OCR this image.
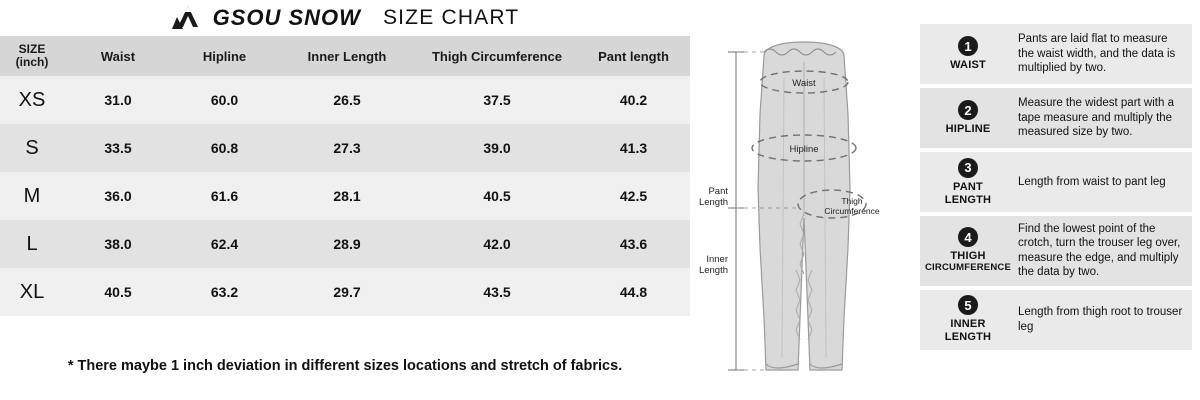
GSOU SNOW SIZE CHART
SIZE
(inch)	Waist	Hipline	Inner Length	Thigh Circumference	Pant length
XS	31.0	60.0	26.5	37.5	40.2
S	33.5	60.8	27.3	39.0	41.3
M	36.0	61.6	28.1	40.5	42.5
L	38.0	62.4	28.9	42.0	43.6
XL	40.5	63.2	29.7	43.5	44.8
* There maybe 1 inch deviation in different sizes locations and stretch of fabrics.
Pant
Length
Inner
Length
Waist
Hipline
Thigh
Circumference
1
WAIST
Pants are laid flat to measure the waist width, and the data is multiplied by two.
2
HIPLINE
Measure the widest part with a tape measure and multiply the measured size by two.
3
PANT
LENGTH
Length from waist to pant leg
4
THIGH
CIRCUMFERENCE
Find the lowest point of the crotch, turn the trouser leg over, measure the edge, and multiply the data by two.
5
INNER
LENGTH
Length from thigh root to trouser leg
